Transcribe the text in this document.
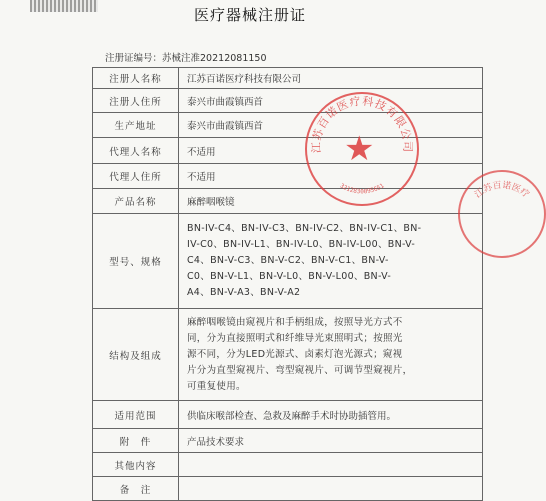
医疗器械注册证
注册证编号：苏械注准20212081150
注册人名称	江苏百诺医疗科技有限公司
注册人住所	泰兴市曲霞镇西首
生产地址	泰兴市曲霞镇西首
代理人名称	不适用
代理人住所	不适用
产品名称	麻醉咽喉镜
型号、规格	BN-IV-C4、BN-IV-C3、BN-IV-C2、BN-IV-C1、BN-
IV-C0、BN-IV-L1、BN-IV-L0、BN-IV-L00、BN-V-
C4、BN-V-C3、BN-V-C2、BN-V-C1、BN-V-
C0、BN-V-L1、BN-V-L0、BN-V-L00、BN-V-
A4、BN-V-A3、BN-V-A2

结构及组成	麻醉咽喉镜由窥视片和手柄组成，按照导光方式不
同，分为直接照明式和纤维导光束照明式；按照光
源不同，分为LED光源式、卤素灯泡光源式；窥视
片分为直型窥视片、弯型窥视片、可调节型窥视片，
可重复使用。

适用范围	供临床喉部检查、急救及麻醉手术时协助插管用。
附　件	产品技术要求
其他内容	
备　注	
江苏百诺医疗科技有限公司
3212830095651
★
江苏百诺医疗
